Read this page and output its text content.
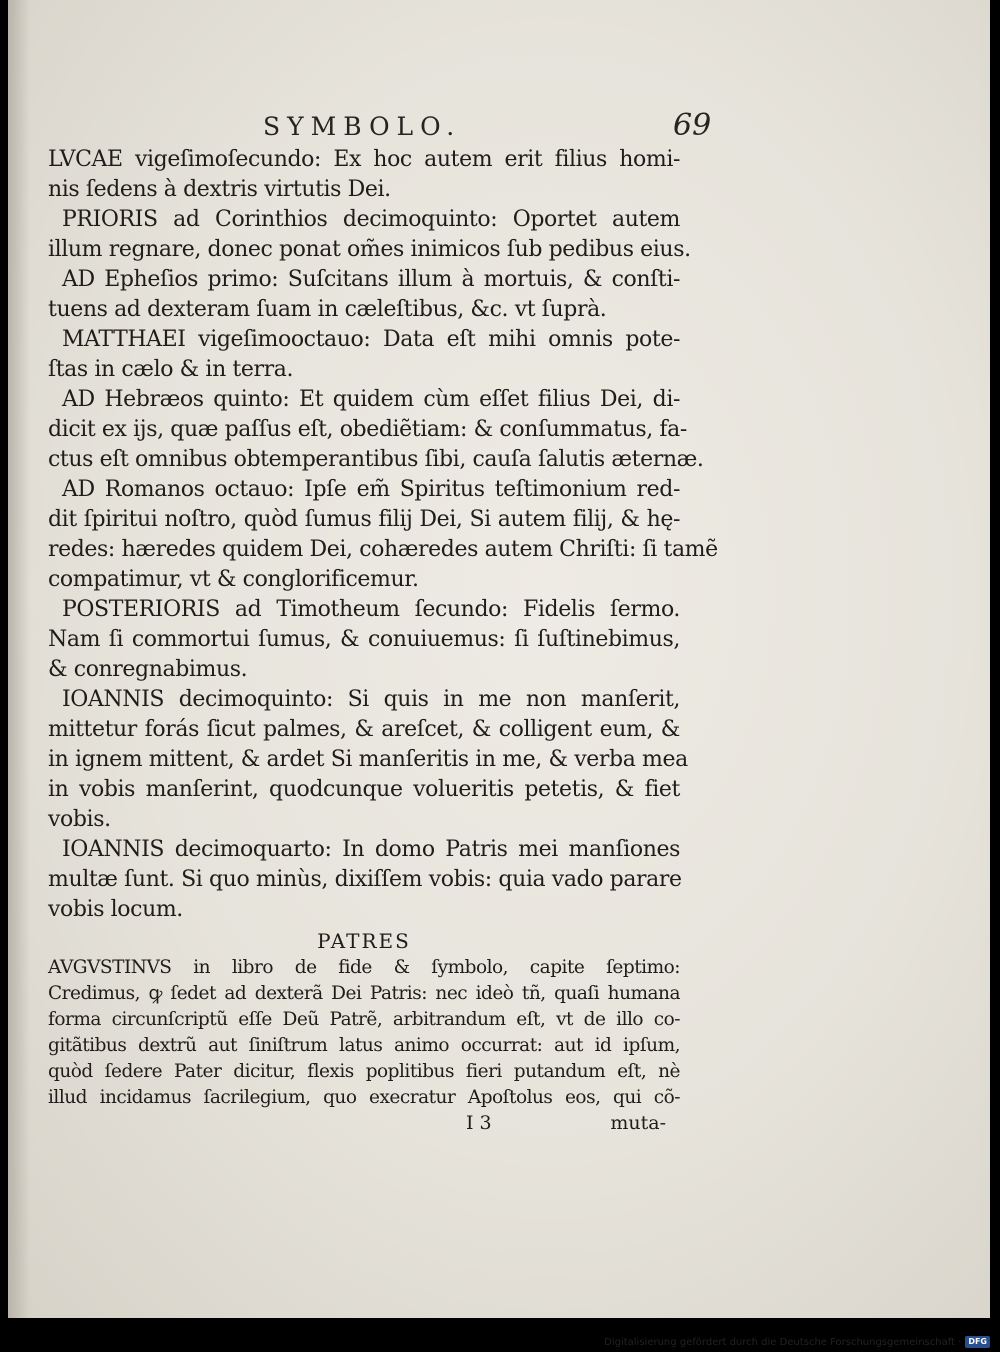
SYMBOLO.	69
LVCAE vigeſimoſecundo: Ex hoc autem erit filius homi-
nis ſedens à dextris virtutis Dei.
PRIORIS ad Corinthios decimoquinto: Oportet autem
illum regnare, donec ponat om̃es inimicos ſub pedibus eius.
AD Epheſios primo: Suſcitans illum à mortuis, & conſti-
tuens ad dexteram ſuam in cæleſtibus, &c. vt ſuprà.
MATTHAEI vigeſimooctauo: Data eſt mihi omnis pote-
ſtas in cælo & in terra.
AD Hebræos quinto: Et quidem cùm eſſet filius Dei, di-
dicit ex ijs, quæ paſſus eſt, obediẽtiam: & conſummatus, fa-
ctus eſt omnibus obtemperantibus ſibi, cauſa ſalutis æternæ.
AD Romanos octauo: Ipſe em̃ Spiritus teſtimonium red-
dit ſpiritui noſtro, quòd ſumus filij Dei, Si autem filij, & hę-
redes: hæredes quidem Dei, cohæredes autem Chriſti: ſi tamẽ
compatimur, vt & conglorificemur.
POSTERIORIS ad Timotheum ſecundo: Fidelis ſermo.
Nam ſi commortui ſumus, & conuiuemus: ſi ſuſtinebimus,
& conregnabimus.
IOANNIS decimoquinto: Si quis in me non manſerit,
mittetur forás ſicut palmes, & areſcet, & colligent eum, &
in ignem mittent, & ardet Si manſeritis in me, & verba mea
in vobis manſerint, quodcunque volueritis petetis, & fiet
vobis.
IOANNIS decimoquarto: In domo Patris mei manſiones
multæ ſunt. Si quo minùs, dixiſſem vobis: quia vado parare
vobis locum.
PATRES
AVGVSTINVS in libro de fide & ſymbolo, capite ſeptimo:
Credimus, ꝙ ſedet ad dexterã Dei Patris: nec ideò tñ, quaſi humana
forma circunſcriptũ eſſe Deũ Patrẽ, arbitrandum eſt, vt de illo co-
gitãtibus dextrũ aut ſiniſtrum latus animo occurrat: aut id ipſum,
quòd ſedere Pater dicitur, flexis poplitibus fieri putandum eſt, nè
illud incidamus ſacrilegium, quo execratur Apoſtolus eos, qui cõ-
I 3	muta-
Digitalisierung gefördert durch die Deutsche Forschungsgemeinschaft · DFG
